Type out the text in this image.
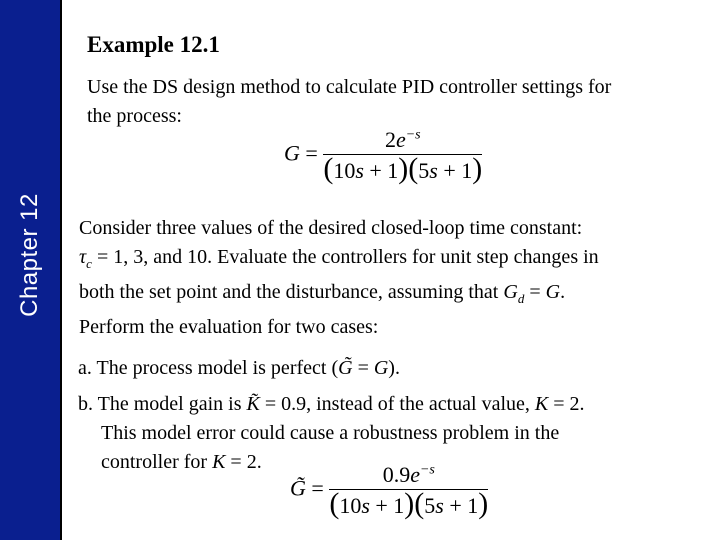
Chapter 12
Example 12.1
Use the DS design method to calculate PID controller settings for
the process:
$G = \frac{2e^{-s}}{(10s + 1)(5s + 1)}$
Consider three values of the desired closed-loop time constant:
$\tau_c = 1$, 3, and 10. Evaluate the controllers for unit step changes in
both the set point and the disturbance, assuming that $G_d = G$.
Perform the evaluation for two cases:
a. The process model is perfect (G̃ = G).
b. The model gain is K̃ = 0.9, instead of the actual value, K = 2.
This model error could cause a robustness problem in the
controller for K = 2.
G̃ = $\frac{0.9e^{-s}}{(10s + 1)(5s + 1)}$
